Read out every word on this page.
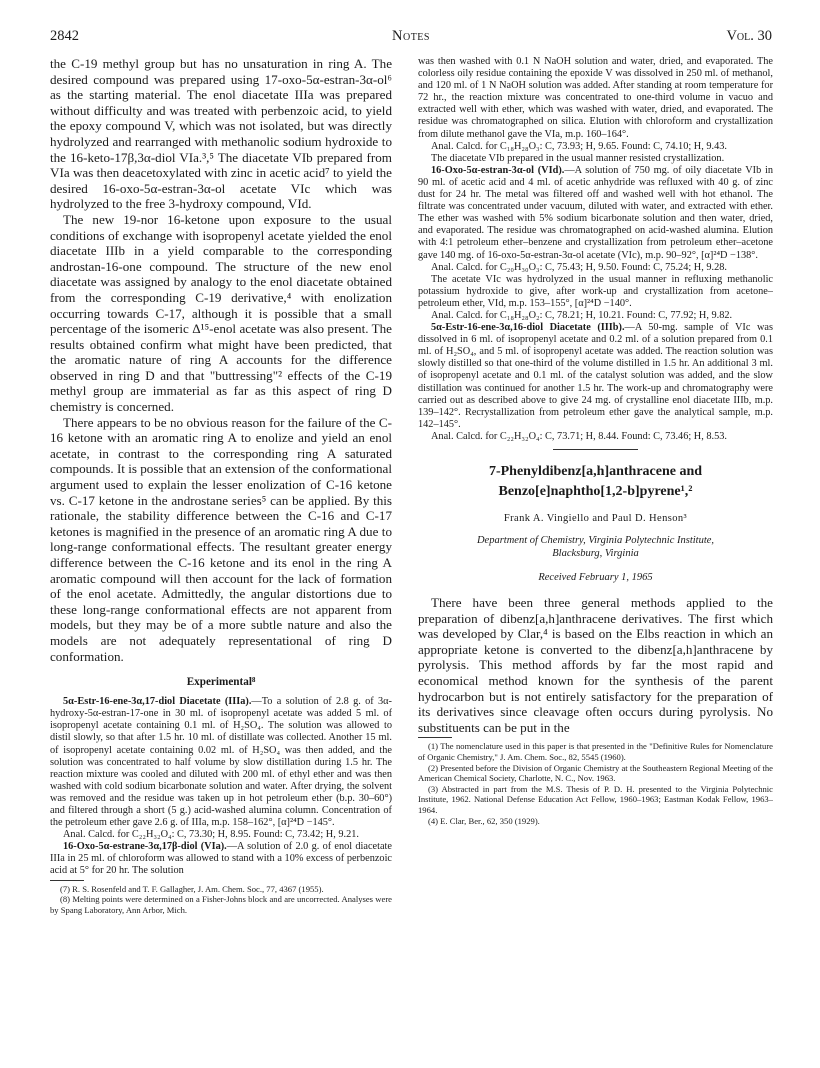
2842	Notes	Vol. 30

the C-19 methyl group but has no unsaturation in ring A. The desired compound was prepared using 17-oxo-5α-estran-3α-ol⁶ as the starting material. The enol diacetate IIIa was prepared without difficulty and was treated with perbenzoic acid, to yield the epoxy compound V, which was not isolated, but was directly hydrolyzed and rearranged with methanolic sodium hydroxide to the 16-keto-17β,3α-diol VIa.³,⁵ The diacetate VIb prepared from VIa was then deacetoxylated with zinc in acetic acid⁷ to yield the desired 16-oxo-5α-estran-3α-ol acetate VIc which was hydrolyzed to the free 3-hydroxy compound, VId.

The new 19-nor 16-ketone upon exposure to the usual conditions of exchange with isopropenyl acetate yielded the enol diacetate IIIb in a yield comparable to the corresponding androstan-16-one compound. The structure of the new enol diacetate was assigned by analogy to the enol diacetate obtained from the corresponding C-19 derivative,⁴ with enolization occurring towards C-17, although it is possible that a small percentage of the isomeric Δ¹⁵-enol acetate was also present. The results obtained confirm what might have been predicted, that the aromatic nature of ring A accounts for the difference observed in ring D and that "buttressing"² effects of the C-19 methyl group are immaterial as far as this aspect of ring D chemistry is concerned.

There appears to be no obvious reason for the failure of the C-16 ketone with an aromatic ring A to enolize and yield an enol acetate, in contrast to the corresponding ring A saturated compounds. It is possible that an extension of the conformational argument used to explain the lesser enolization of C-16 ketone vs. C-17 ketone in the androstane series⁵ can be applied. By this rationale, the stability difference between the C-16 and C-17 ketones is magnified in the presence of an aromatic ring A due to long-range conformational effects. The resultant greater energy difference between the C-16 ketone and its enol in the ring A aromatic compound will then account for the lack of formation of the enol acetate. Admittedly, the angular distortions due to these long-range conformational effects are not apparent from models, but they may be of a more subtle nature and also the models are not adequately representational of ring D conformation.

Experimental⁸

5α-Estr-16-ene-3α,17-diol Diacetate (IIIa).—To a solution of 2.8 g. of 3α-hydroxy-5α-estran-17-one in 30 ml. of isopropenyl acetate was added 5 ml. of isopropenyl acetate containing 0.1 ml. of H₂SO₄. The solution was allowed to distil slowly, so that after 1.5 hr. 10 ml. of distillate was collected. Another 15 ml. of isopropenyl acetate containing 0.02 ml. of H₂SO₄ was then added, and the solution was concentrated to half volume by slow distillation during 1.5 hr. The reaction mixture was cooled and diluted with 200 ml. of ethyl ether and was then washed with cold sodium bicarbonate solution and water. After drying, the solvent was removed and the residue was taken up in hot petroleum ether (b.p. 30–60°) and filtered through a short (5 g.) acid-washed alumina column. Concentration of the petroleum ether gave 2.6 g. of IIIa, m.p. 158–162°, [α]²⁴D −145°.

Anal. Calcd. for C₂₂H₃₂O₄: C, 73.30; H, 8.95. Found: C, 73.42; H, 9.21.

16-Oxo-5α-estrane-3α,17β-diol (VIa).—A solution of 2.0 g. of enol diacetate IIIa in 25 ml. of chloroform was allowed to stand with a 10% excess of perbenzoic acid at 5° for 20 hr. The solution

(7) R. S. Rosenfeld and T. F. Gallagher, J. Am. Chem. Soc., 77, 4367 (1955).

(8) Melting points were determined on a Fisher-Johns block and are uncorrected. Analyses were by Spang Laboratory, Ann Arbor, Mich.

was then washed with 0.1 N NaOH solution and water, dried, and evaporated. The colorless oily residue containing the epoxide V was dissolved in 250 ml. of methanol, and 120 ml. of 1 N NaOH solution was added. After standing at room temperature for 72 hr., the reaction mixture was concentrated to one-third volume in vacuo and extracted well with ether, which was washed with water, dried, and evaporated. The residue was chromatographed on silica. Elution with chloroform and crystallization from dilute methanol gave the VIa, m.p. 160–164°.

Anal. Calcd. for C₁₈H₂₈O₃: C, 73.93; H, 9.65. Found: C, 74.10; H, 9.43.

The diacetate VIb prepared in the usual manner resisted crystallization.

16-Oxo-5α-estran-3α-ol (VId).—A solution of 750 mg. of oily diacetate VIb in 90 ml. of acetic acid and 4 ml. of acetic anhydride was refluxed with 40 g. of zinc dust for 24 hr. The metal was filtered off and washed well with hot ethanol. The filtrate was concentrated under vacuum, diluted with water, and extracted with ether. The ether was washed with 5% sodium bicarbonate solution and then water, dried, and evaporated. The residue was chromatographed on acid-washed alumina. Elution with 4:1 petroleum ether–benzene and crystallization from petroleum ether–acetone gave 140 mg. of 16-oxo-5α-estran-3α-ol acetate (VIc), m.p. 90–92°, [α]²⁴D −138°.

Anal. Calcd. for C₂₀H₃₀O₃: C, 75.43; H, 9.50. Found: C, 75.24; H, 9.28.

The acetate VIc was hydrolyzed in the usual manner in refluxing methanolic potassium hydroxide to give, after work-up and crystallization from acetone–petroleum ether, VId, m.p. 153–155°, [α]²⁴D −140°.

Anal. Calcd. for C₁₈H₂₈O₂: C, 78.21; H, 10.21. Found: C, 77.92; H, 9.82.

5α-Estr-16-ene-3α,16-diol Diacetate (IIIb).—A 50-mg. sample of VIc was dissolved in 6 ml. of isopropenyl acetate and 0.2 ml. of a solution prepared from 0.1 ml. of H₂SO₄, and 5 ml. of isopropenyl acetate was added. The reaction solution was slowly distilled so that one-third of the volume distilled in 1.5 hr. An additional 3 ml. of isopropenyl acetate and 0.1 ml. of the catalyst solution was added, and the slow distillation was continued for another 1.5 hr. The work-up and chromatography were carried out as described above to give 24 mg. of crystalline enol diacetate IIIb, m.p. 139–142°. Recrystallization from petroleum ether gave the analytical sample, m.p. 142–145°.

Anal. Calcd. for C₂₂H₃₂O₄: C, 73.71; H, 8.44. Found: C, 73.46; H, 8.53.

7-Phenyldibenz[a,h]anthracene and
Benzo[e]naphtho[1,2-b]pyrene¹,²
Frank A. Vingiello and Paul D. Henson³
Department of Chemistry, Virginia Polytechnic Institute,
Blacksburg, Virginia
Received February 1, 1965

There have been three general methods applied to the preparation of dibenz[a,h]anthracene derivatives. The first which was developed by Clar,⁴ is based on the Elbs reaction in which an appropriate ketone is converted to the dibenz[a,h]anthracene by pyrolysis. This method affords by far the most rapid and economical method known for the synthesis of the parent hydrocarbon but is not entirely satisfactory for the preparation of its derivatives since cleavage often occurs during pyrolysis. No substituents can be put in the

(1) The nomenclature used in this paper is that presented in the "Definitive Rules for Nomenclature of Organic Chemistry," J. Am. Chem. Soc., 82, 5545 (1960).

(2) Presented before the Division of Organic Chemistry at the Southeastern Regional Meeting of the American Chemical Society, Charlotte, N. C., Nov. 1963.

(3) Abstracted in part from the M.S. Thesis of P. D. H. presented to the Virginia Polytechnic Institute, 1962. National Defense Education Act Fellow, 1960–1963; Eastman Kodak Fellow, 1963–1964.

(4) E. Clar, Ber., 62, 350 (1929).
